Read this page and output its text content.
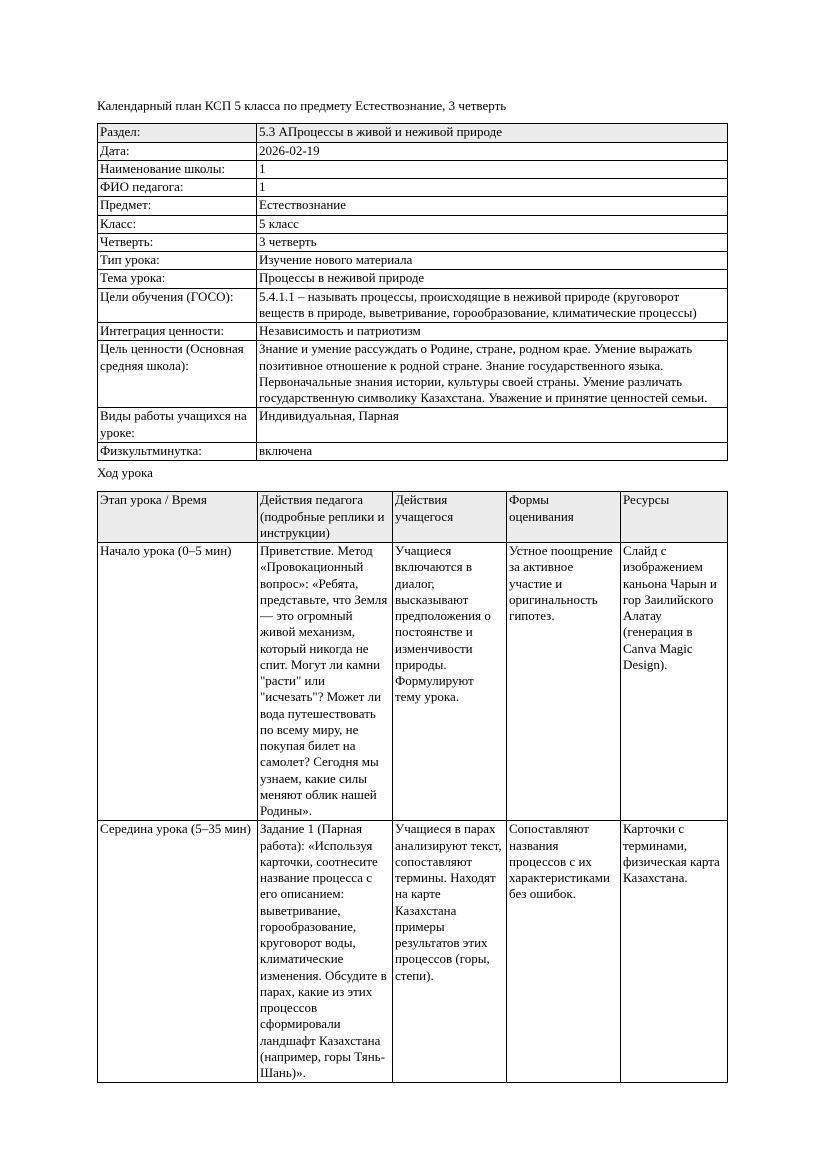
Календарный план КСП 5 класса по предмету Естествознание, 3 четверть
Раздел:	5.3 АПроцессы в живой и неживой природе
Дата:	2026-02-19
Наименование школы:	1
ФИО педагога:	1
Предмет:	Естествознание
Класс:	5 класс
Четверть:	3 четверть
Тип урока:	Изучение нового материала
Тема урока:	Процессы в неживой природе
Цели обучения (ГОСО):	5.4.1.1 – называть процессы, происходящие в неживой природе (круговорот веществ в природе, выветривание, горообразование, климатические процессы)
Интеграция ценности:	Независимость и патриотизм
Цель ценности (Основная средняя школа):	Знание и умение рассуждать о Родине, стране, родном крае. Умение выражать позитивное отношение к родной стране. Знание государственного языка. Первоначальные знания истории, культуры своей страны. Умение различать государственную символику Казахстана. Уважение и принятие ценностей семьи.
Виды работы учащихся на уроке:	Индивидуальная, Парная
Физкультминутка:	включена
Ход урока
Этап урока / Время	Действия педагога (подробные реплики и инструкции)	Действия учащегося	Формы оценивания	Ресурсы
Начало урока (0–5 мин)	Приветствие. Метод «Провокационный вопрос»: «Ребята, представьте, что Земля — это огромный живой механизм, который никогда не спит. Могут ли камни "расти" или "исчезать"? Может ли вода путешествовать по всему миру, не покупая билет на самолет? Сегодня мы узнаем, какие силы меняют облик нашей Родины».	Учащиеся включаются в диалог, высказывают предположения о постоянстве и изменчивости природы. Формулируют тему урока.	Устное поощрение за активное участие и оригинальность гипотез.	Слайд с изображением каньона Чарын и гор Заилийского Алатау (генерация в Canva Magic Design).
Середина урока (5–35 мин)	Задание 1 (Парная работа): «Используя карточки, соотнесите название процесса с его описанием: выветривание, горообразование, круговорот воды, климатические изменения. Обсудите в парах, какие из этих процессов сформировали ландшафт Казахстана (например, горы Тянь-Шань)».	Учащиеся в парах анализируют текст, сопоставляют термины. Находят на карте Казахстана примеры результатов этих процессов (горы, степи).	Сопоставляют названия процессов с их характеристиками без ошибок.	Карточки с терминами, физическая карта Казахстана.
